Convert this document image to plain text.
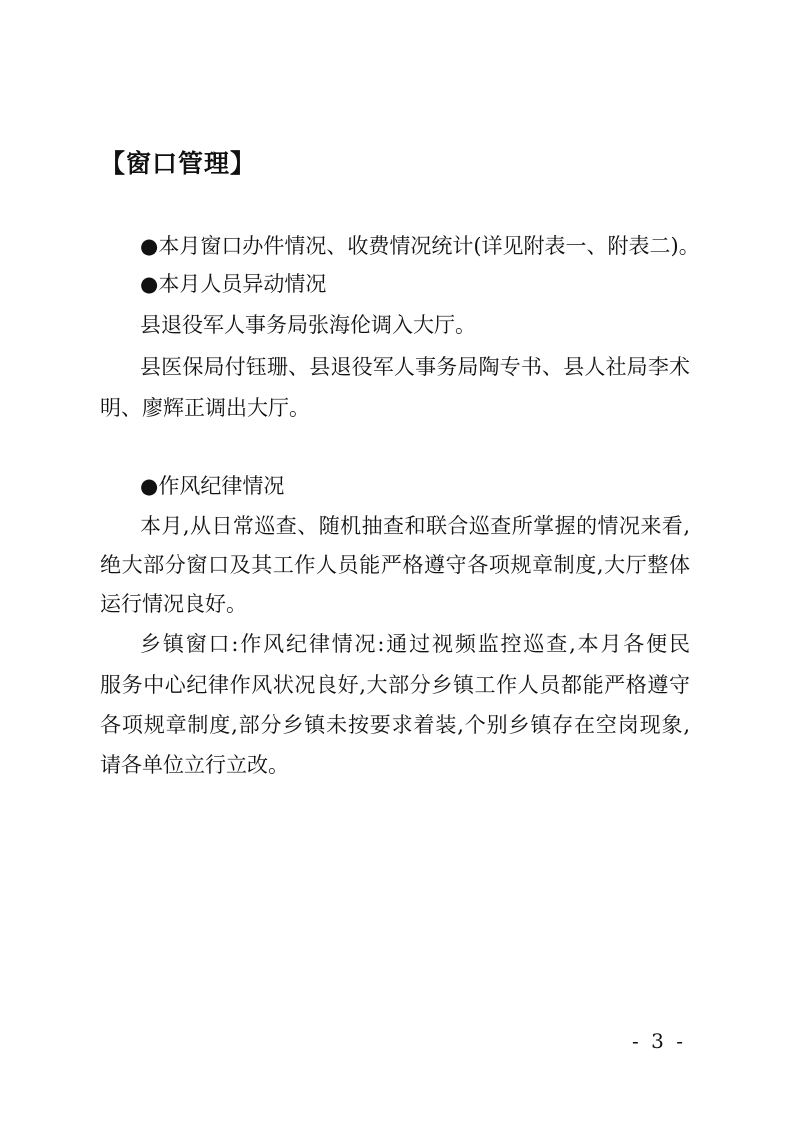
【窗口管理】
●本月窗口办件情况、收费情况统计(详见附表一、附表二)。
●本月人员异动情况
县退役军人事务局张海伦调入大厅。
县医保局付钰珊、县退役军人事务局陶专书、县人社局李术
明、廖辉正调出大厅。
●作风纪律情况
本月,从日常巡查、随机抽查和联合巡查所掌握的情况来看,
绝大部分窗口及其工作人员能严格遵守各项规章制度,大厅整体
运行情况良好。
乡镇窗口:作风纪律情况:通过视频监控巡查,本月各便民
服务中心纪律作风状况良好,大部分乡镇工作人员都能严格遵守
各项规章制度,部分乡镇未按要求着装,个别乡镇存在空岗现象,
请各单位立行立改。
- 3 -
